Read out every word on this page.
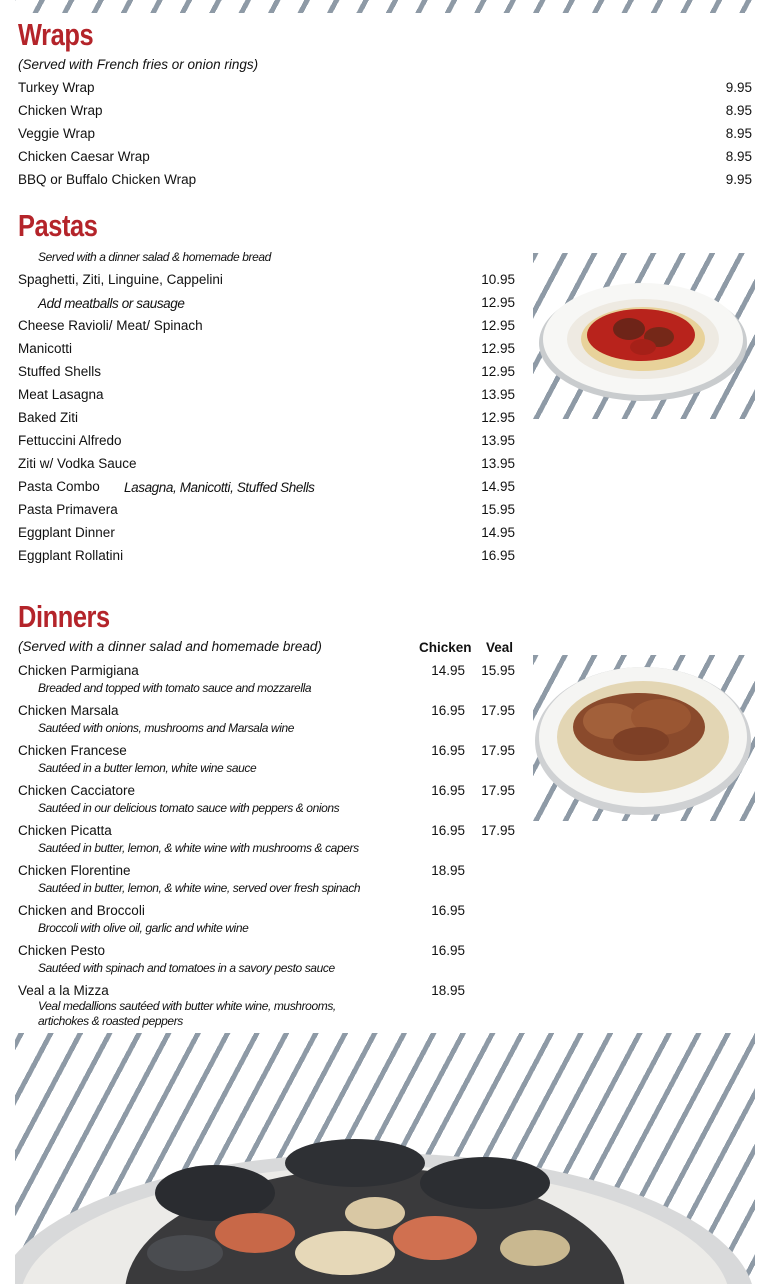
Wraps
(Served with French fries or onion rings)
Turkey Wrap	9.95
Chicken Wrap	8.95
Veggie Wrap	8.95
Chicken Caesar Wrap	8.95
BBQ or Buffalo Chicken Wrap	9.95
Pastas
Served with a dinner salad & homemade bread
Spaghetti, Ziti, Linguine, Cappelini	10.95
Add meatballs or sausage	12.95
Cheese Ravioli/ Meat/ Spinach	12.95
Manicotti	12.95
Stuffed Shells	12.95
Meat Lasagna	13.95
Baked Ziti	12.95
Fettuccini Alfredo	13.95
Ziti w/ Vodka Sauce	13.95
Pasta Combo Lasagna, Manicotti, Stuffed Shells	14.95
Pasta Primavera	15.95
Eggplant Dinner	14.95
Eggplant Rollatini	16.95
Dinners
(Served with a dinner salad and homemade bread)	Chicken Veal
Chicken Parmigiana	14.95	15.95
Breaded and topped with tomato sauce and mozzarella
Chicken Marsala	16.95	17.95
Sautéed with onions, mushrooms and Marsala wine
Chicken Francese	16.95	17.95
Sautéed in a butter lemon, white wine sauce
Chicken Cacciatore	16.95	17.95
Sautéed in our delicious tomato sauce with peppers & onions
Chicken Picatta	16.95	17.95
Sautéed in butter, lemon, & white wine with mushrooms & capers
Chicken Florentine	18.95
Sautéed in butter, lemon, & white wine, served over fresh spinach
Chicken and Broccoli	16.95
Broccoli with olive oil, garlic and white wine
Chicken Pesto	16.95
Sautéed with spinach and tomatoes in a savory pesto sauce
Veal a la Mizza	18.95
Veal medallions sautéed with butter white wine, mushrooms,
artichokes & roasted peppers
